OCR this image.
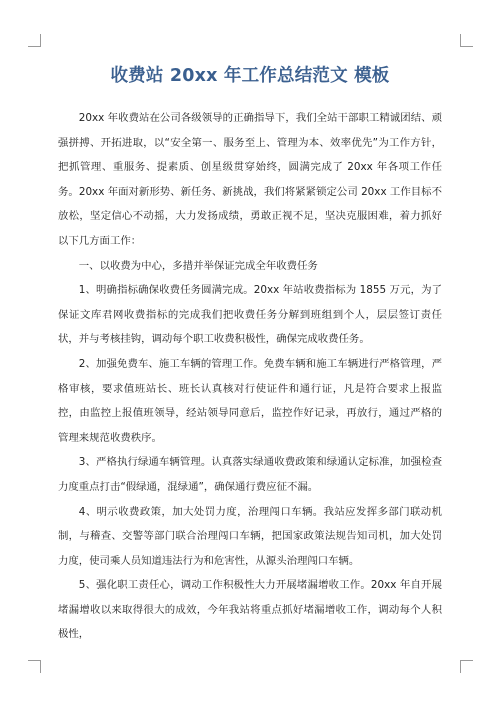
收费站 20xx 年工作总结范文 模板

20xx 年收费站在公司各级领导的正确指导下，我们全站干部职工精诚团结、顽强拼搏、开拓进取，以“安全第一、服务至上、管理为本、效率优先”为工作方针，把抓管理、重服务、提素质、创星级贯穿始终，圆满完成了 20xx 年各项工作任务。20xx 年面对新形势、新任务、新挑战，我们将紧紧锁定公司 20xx 工作目标不放松，坚定信心不动摇，大力发扬成绩，勇敢正视不足，坚决克服困难，着力抓好以下几方面工作：

一、以收费为中心，多措并举保证完成全年收费任务

1、明确指标确保收费任务圆满完成。20xx 年站收费指标为 1855 万元，为了保证文库君网收费指标的完成我们把收费任务分解到班组到个人，层层签订责任状，并与考核挂钩，调动每个职工收费积极性，确保完成收费任务。

2、加强免费车、施工车辆的管理工作。免费车辆和施工车辆进行严格管理，严格审核，要求值班站长、班长认真核对行使证件和通行证，凡是符合要求上报监控，由监控上报值班领导，经站领导同意后，监控作好记录，再放行，通过严格的管理来规范收费秩序。

3、严格执行绿通车辆管理。认真落实绿通收费政策和绿通认定标准，加强检查力度重点打击“假绿通，混绿通”，确保通行费应征不漏。

4、明示收费政策，加大处罚力度，治理闯口车辆。我站应发挥多部门联动机制，与稽查、交警等部门联合治理闯口车辆，把国家政策法规告知司机，加大处罚力度，使司乘人员知道违法行为和危害性，从源头治理闯口车辆。

5、强化职工责任心，调动工作积极性大力开展堵漏增收工作。20xx 年自开展堵漏增收以来取得很大的成效，今年我站将重点抓好堵漏增收工作，调动每个人积极性，
